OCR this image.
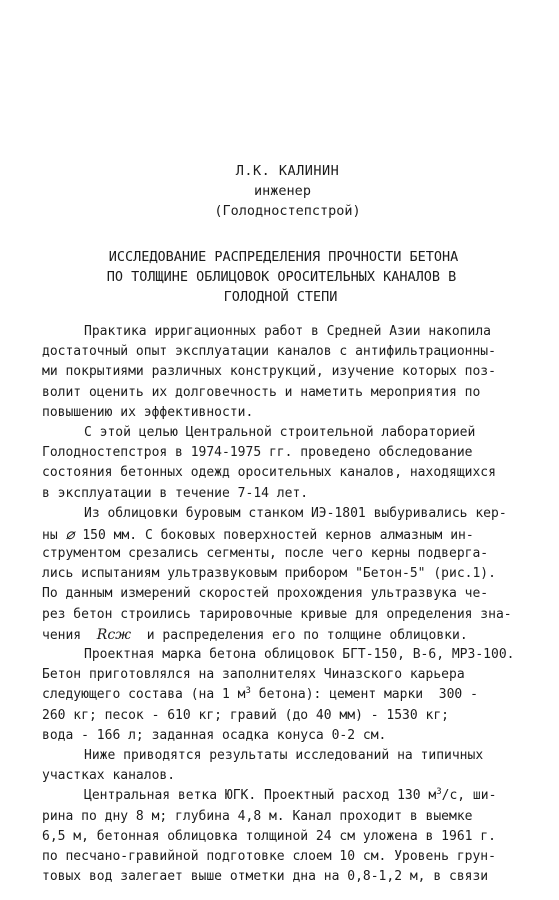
Л.К. КАЛИНИН
инженер
(Голодностепстрой)
ИССЛЕДОВАНИЕ РАСПРЕДЕЛЕНИЯ ПРОЧНОСТИ БЕТОНА
ПО ТОЛЩИНЕ ОБЛИЦОВОК ОРОСИТЕЛЬНЫХ КАНАЛОВ В
ГОЛОДНОЙ СТЕПИ
Практика ирригационных работ в Средней Азии накопила
достаточный опыт эксплуатации каналов с антифильтрационны-
ми покрытиями различных конструкций, изучение которых поз-
волит оценить их долговечность и наметить мероприятия по
повышению их эффективности.
С этой целью Центральной строительной лабораторией
Голодностепстроя в 1974-1975 гг. проведено обследование
состояния бетонных одежд оросительных каналов, находящихся
в эксплуатации в течение 7-14 лет.
Из облицовки буровым станком ИЭ-1801 выбуривались кер-
ны ⌀ 150 мм. С боковых поверхностей кернов алмазным ин-
струментом срезались сегменты, после чего керны подверга-
лись испытаниям ультразвуковым прибором "Бетон-5" (рис.1).
По данным измерений скоростей прохождения ультразвука че-
рез бетон строились тарировочные кривые для определения зна-
чения  Rсж  и распределения его по толщине облицовки.
Проектная марка бетона облицовок БГТ-150, В-6, МРЗ-100.
Бетон приготовлялся на заполнителях Чиназского карьера
следующего состава (на 1 $м^3$ бетона): цемент марки  300 -
260 кг; песок - 610 кг; гравий (до 40 мм) - 1530 кг;
вода - 166 л; заданная осадка конуса 0-2 см.
Ниже приводятся результаты исследований на типичных
участках каналов.
Центральная ветка ЮГК. Проектный расход 130 $м^3/с$, ши-
рина по дну 8 м; глубина 4,8 м. Канал проходит в выемке
6,5 м, бетонная облицовка толщиной 24 см уложена в 1961 г.
по песчано-гравийной подготовке слоем 10 см. Уровень грун-
товых вод залегает выше отметки дна на 0,8-1,2 м, в связи
